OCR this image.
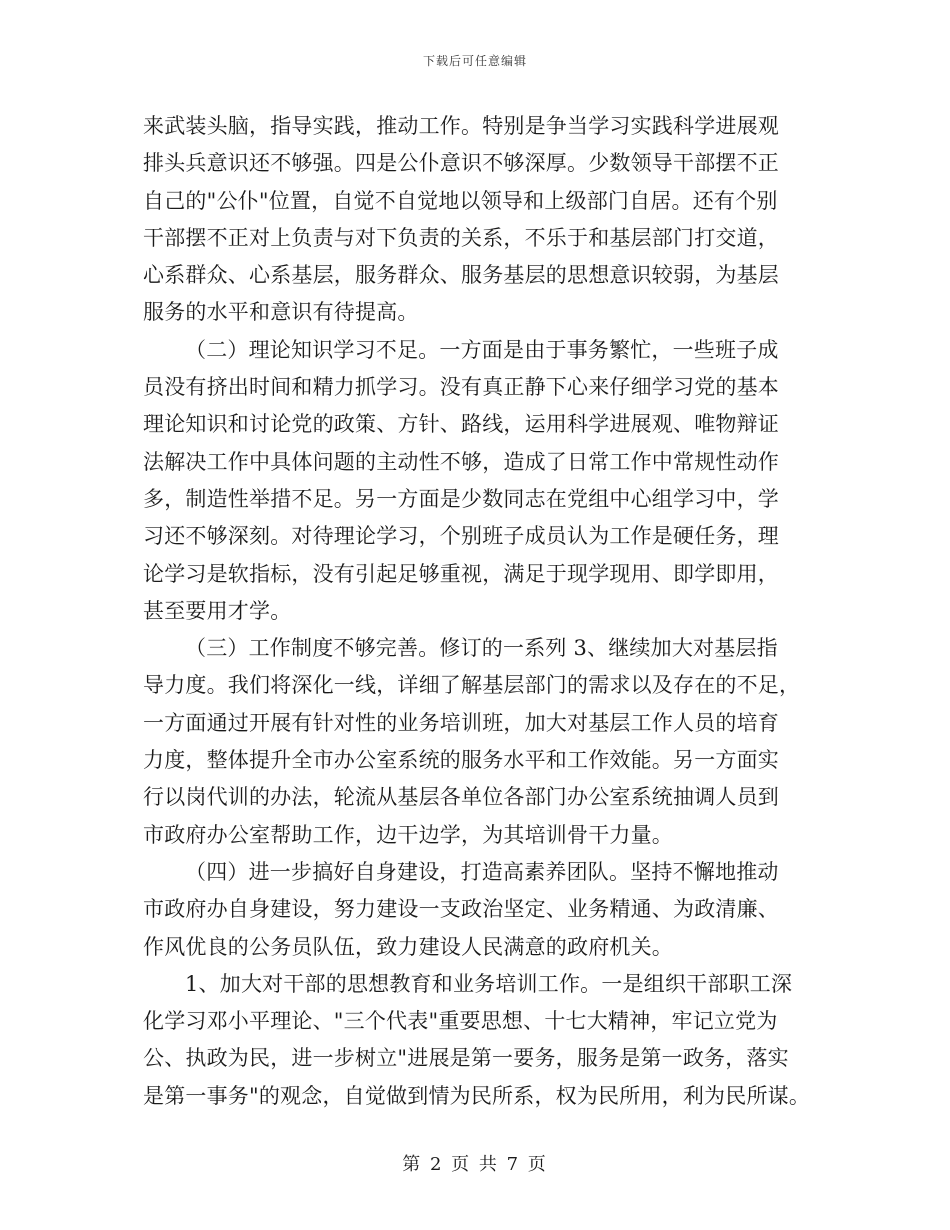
下载后可任意编辑
来武装头脑，指导实践，推动工作。特别是争当学习实践科学进展观
排头兵意识还不够强。四是公仆意识不够深厚。少数领导干部摆不正
自己的"公仆"位置，自觉不自觉地以领导和上级部门自居。还有个别
干部摆不正对上负责与对下负责的关系，不乐于和基层部门打交道，
心系群众、心系基层，服务群众、服务基层的思想意识较弱，为基层
服务的水平和意识有待提高。
（二）理论知识学习不足。一方面是由于事务繁忙，一些班子成
员没有挤出时间和精力抓学习。没有真正静下心来仔细学习党的基本
理论知识和讨论党的政策、方针、路线，运用科学进展观、唯物辩证
法解决工作中具体问题的主动性不够，造成了日常工作中常规性动作
多，制造性举措不足。另一方面是少数同志在党组中心组学习中，学
习还不够深刻。对待理论学习，个别班子成员认为工作是硬任务，理
论学习是软指标，没有引起足够重视，满足于现学现用、即学即用，
甚至要用才学。
（三）工作制度不够完善。修订的一系列 3、继续加大对基层指
导力度。我们将深化一线，详细了解基层部门的需求以及存在的不足，
一方面通过开展有针对性的业务培训班，加大对基层工作人员的培育
力度，整体提升全市办公室系统的服务水平和工作效能。另一方面实
行以岗代训的办法，轮流从基层各单位各部门办公室系统抽调人员到
市政府办公室帮助工作，边干边学，为其培训骨干力量。
（四）进一步搞好自身建设，打造高素养团队。坚持不懈地推动
市政府办自身建设，努力建设一支政治坚定、业务精通、为政清廉、
作风优良的公务员队伍，致力建设人民满意的政府机关。
1、加大对干部的思想教育和业务培训工作。一是组织干部职工深
化学习邓小平理论、"三个代表"重要思想、十七大精神，牢记立党为
公、执政为民，进一步树立"进展是第一要务，服务是第一政务，落实
是第一事务"的观念，自觉做到情为民所系，权为民所用，利为民所谋。
第 2 页 共 7 页
